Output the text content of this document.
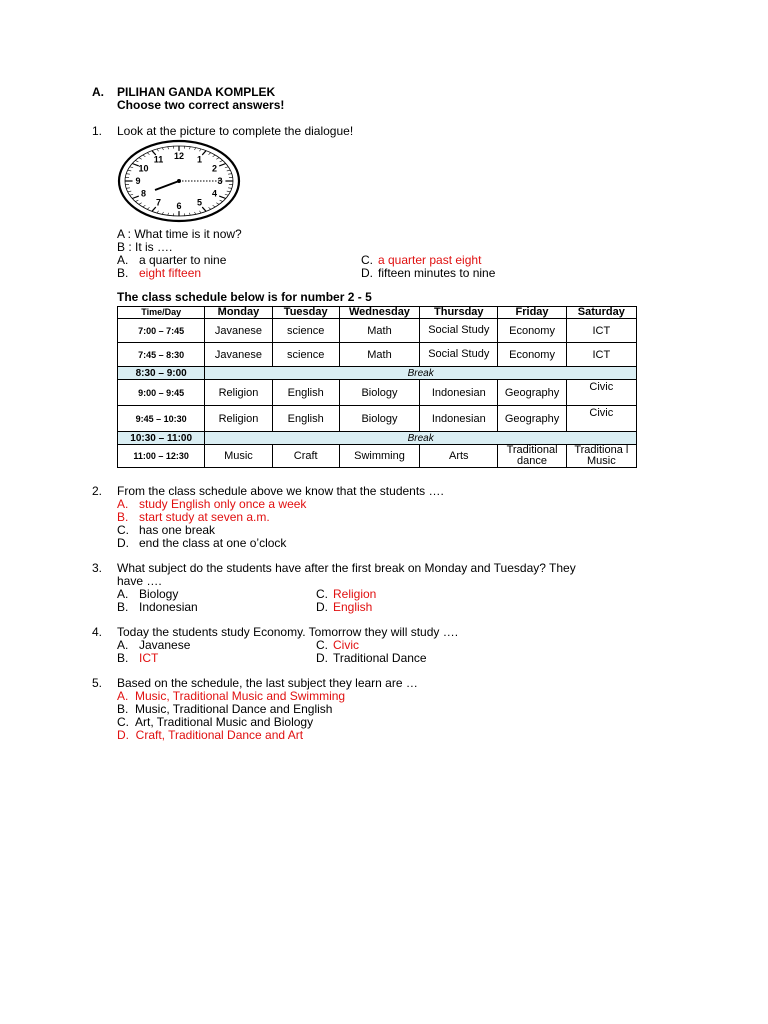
A. PILIHAN GANDA KOMPLEK
Choose two correct answers!
1. Look at the picture to complete the dialogue!
12 1
2
3
4
5
6
7
8
9
10
11
A : What time is it now?
B : It is ….
A. a quarter to nine
B. eight fifteen
C. a quarter past eight
D. fifteen minutes to nine
The class schedule below is for number 2 - 5
Time/Day	Monday	Tuesday	Wednesday	Thursday	Friday	Saturday
7:00 – 7:45	Javanese	science	Math	Social Study	Economy	ICT
7:45 – 8:30	Javanese	science	Math	Social Study	Economy	ICT
8:30 – 9:00	Break					
9:00 – 9:45	Religion	English	Biology	Indonesian	Geography	Civic
9:45 – 10:30	Religion	English	Biology	Indonesian	Geography	Civic
10:30 – 11:00	Break					
11:00 – 12:30	Music	Craft	Swimming	Arts	Traditional dance	Traditiona l Music
2. From the class schedule above we know that the students ….
A. study English only once a week
B. start study at seven a.m.
C. has one break
D. end the class at one o’clock
3. What subject do the students have after the first break on Monday and Tuesday? They
have ….
A. Biology
B. Indonesian
C. Religion
D. English
4. Today the students study Economy. Tomorrow they will study ….
A. Javanese
B. ICT
C. Civic
D. Traditional Dance
5. Based on the schedule, the last subject they learn are …
A.  Music, Traditional Music and Swimming
B.  Music, Traditional Dance and English
C.  Art, Traditional Music and Biology
D.  Craft, Traditional Dance and Art
